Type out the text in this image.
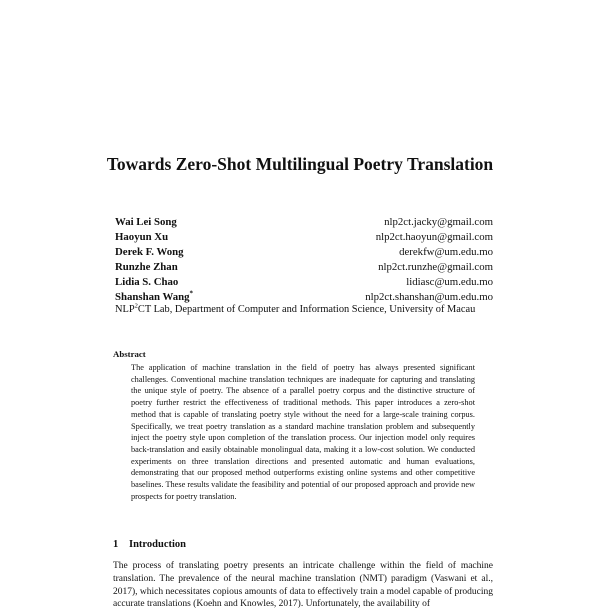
Towards Zero-Shot Multilingual Poetry Translation
Wai Lei Song	nlp2ct.jacky@gmail.com
Haoyun Xu	nlp2ct.haoyun@gmail.com
Derek F. Wong	derekfw@um.edu.mo
Runzhe Zhan	nlp2ct.runzhe@gmail.com
Lidia S. Chao	lidiasc@um.edu.mo
Shanshan Wang*	nlp2ct.shanshan@um.edu.mo
NLP$^2$CT Lab, Department of Computer and Information Science, University of Macau
Abstract
The application of machine translation in the field of poetry has always presented significant challenges. Conventional machine translation techniques are inadequate for capturing and translating the unique style of poetry. The absence of a parallel poetry corpus and the distinctive structure of poetry further restrict the effectiveness of traditional methods. This paper introduces a zero-shot method that is capable of translating poetry style without the need for a large-scale training corpus. Specifically, we treat poetry translation as a standard machine translation problem and subsequently inject the poetry style upon completion of the translation process. Our injection model only requires back-translation and easily obtainable monolingual data, making it a low-cost solution. We conducted experiments on three translation directions and presented automatic and human evaluations, demonstrating that our proposed method outperforms existing online systems and other competitive baselines. These results validate the feasibility and potential of our proposed approach and provide new prospects for poetry translation.
1 Introduction
The process of translating poetry presents an intricate challenge within the field of machine translation. The prevalence of the neural machine translation (NMT) paradigm (Vaswani et al., 2017), which necessitates copious amounts of data to effectively train a model capable of producing accurate translations (Koehn and Knowles, 2017). Unfortunately, the availability of
